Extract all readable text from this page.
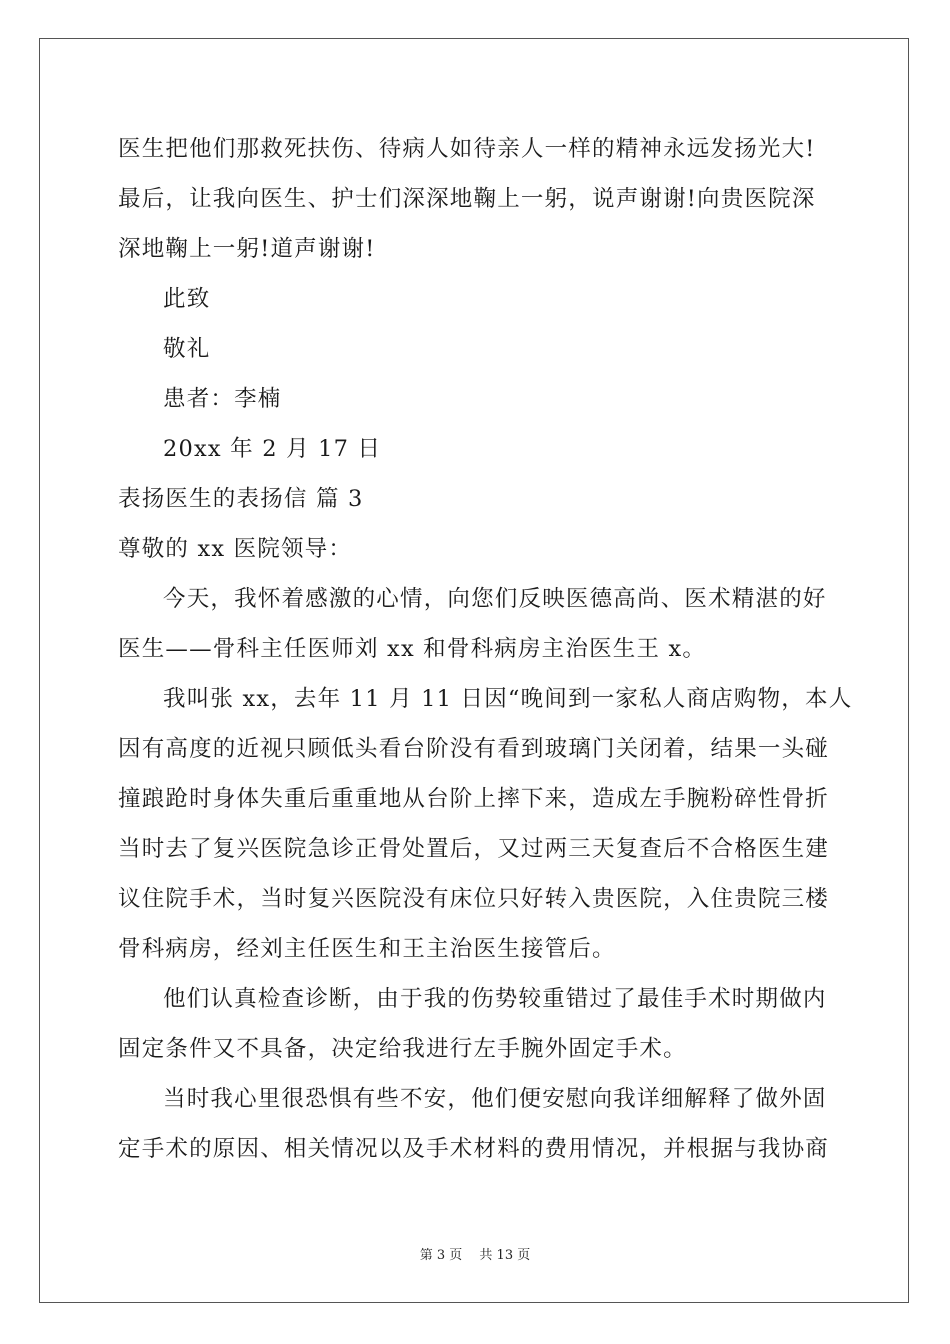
医生把他们那救死扶伤、待病人如待亲人一样的精神永远发扬光大!
最后，让我向医生、护士们深深地鞠上一躬，说声谢谢!向贵医院深
深地鞠上一躬!道声谢谢!
此致
敬礼
患者：李楠
20xx 年 2 月 17 日
表扬医生的表扬信 篇 3
尊敬的 xx 医院领导：
今天，我怀着感激的心情，向您们反映医德高尚、医术精湛的好
医生——骨科主任医师刘 xx 和骨科病房主治医生王 x。
我叫张 xx，去年 11 月 11 日因“晚间到一家私人商店购物，本人
因有高度的近视只顾低头看台阶没有看到玻璃门关闭着，结果一头碰
撞踉跄时身体失重后重重地从台阶上摔下来，造成左手腕粉碎性骨折
当时去了复兴医院急诊正骨处置后，又过两三天复查后不合格医生建
议住院手术，当时复兴医院没有床位只好转入贵医院，入住贵院三楼
骨科病房，经刘主任医生和王主治医生接管后。
他们认真检查诊断，由于我的伤势较重错过了最佳手术时期做内
固定条件又不具备，决定给我进行左手腕外固定手术。
当时我心里很恐惧有些不安，他们便安慰向我详细解释了做外固
定手术的原因、相关情况以及手术材料的费用情况，并根据与我协商
第 3 页　 共 13 页
